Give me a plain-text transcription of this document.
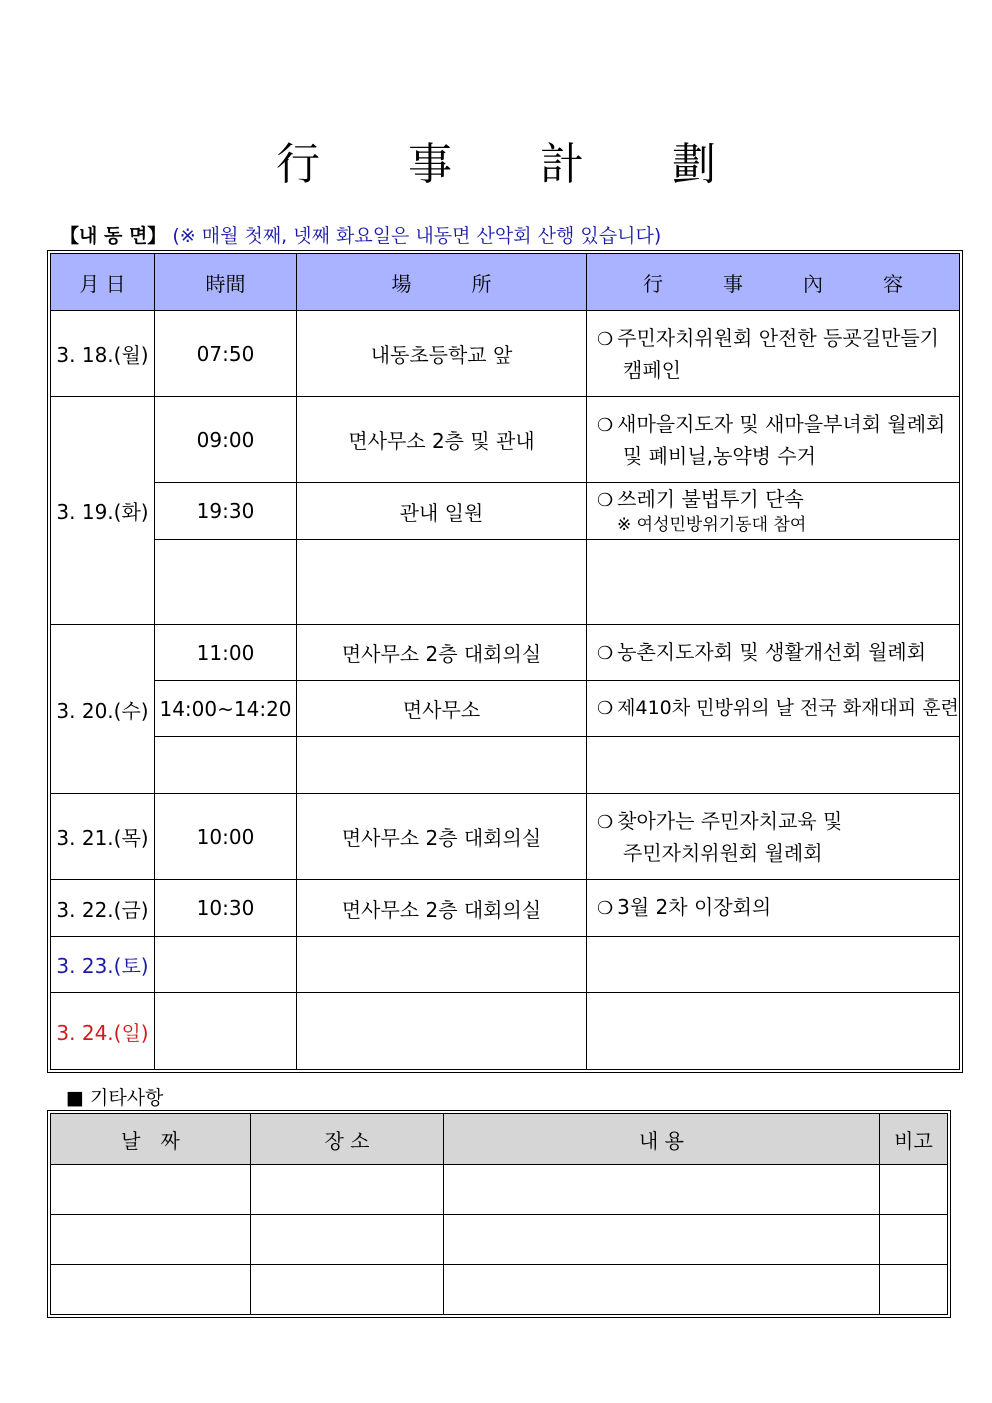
行 事 計 劃
【내 동 면】 (※ 매월 첫째, 넷째 화요일은 내동면 산악회 산행 있습니다)
月 日	時間	場　　　所	行　　　事　　　內　　　容
3. 18.(월)	07:50	내동초등학교 앞	❍ 주민자치위원회 안전한 등굣길만들기
캠페인

3. 19.(화)	09:00	면사무소 2층 및 관내	❍ 새마을지도자 및 새마을부녀회 월례회
및 폐비닐,농약병 수거

	19:30	관내 일원	❍ 쓰레기 불법투기 단속
※ 여성민방위기동대 참여

3. 20.(수)	11:00	면사무소 2층 대회의실	❍ 농촌지도자회 및 생활개선회 월례회
	14:00~14:20	면사무소	❍ 제410차 민방위의 날 전국 화재대피 훈련

3. 21.(목)	10:00	면사무소 2층 대회의실	❍ 찾아가는 주민자치교육 및
주민자치위원회 월례회

3. 22.(금)	10:30	면사무소 2층 대회의실	❍ 3월 2차 이장회의
3. 23.(토)			
3. 24.(일)			
■ 기타사항
날　짜	장 소	내 용	비고
